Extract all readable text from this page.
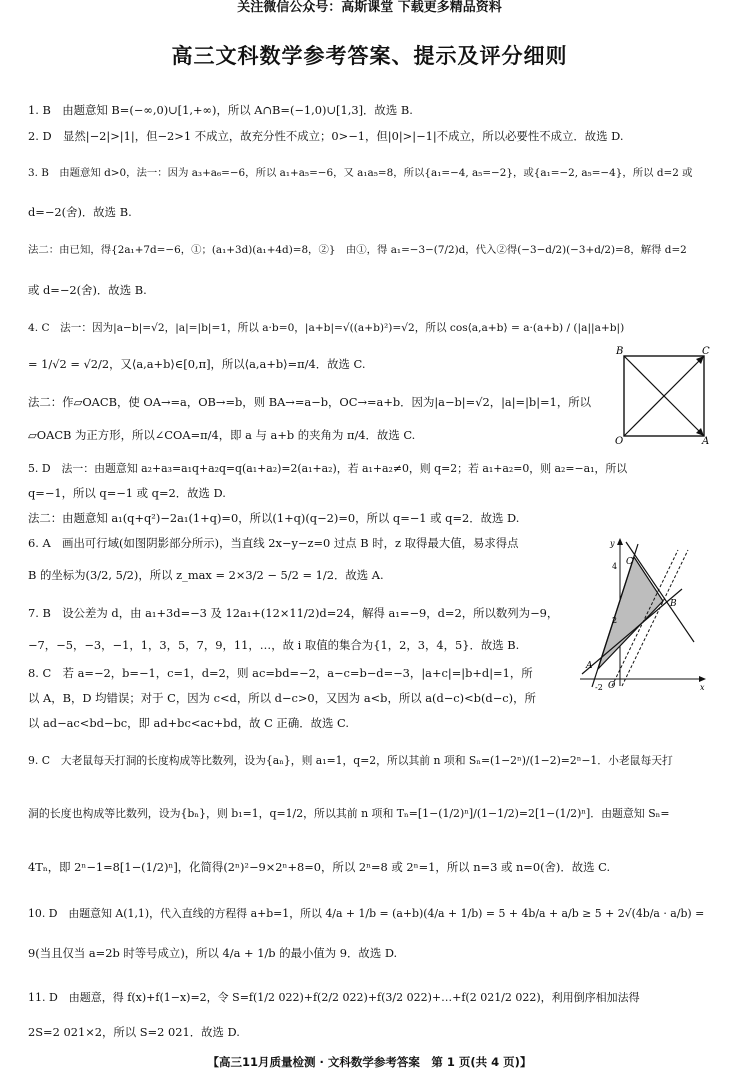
关注微信公众号：高斯课堂 下载更多精品资料
高三文科数学参考答案、提示及评分细则
1. B　由题意知 B=(−∞,0)∪[1,+∞)，所以 A∩B=(−1,0)∪[1,3]．故选 B.
2. D　显然|−2|>|1|，但−2>1 不成立，故充分性不成立；0>−1，但|0|>|−1|不成立，所以必要性不成立．故选 D.
3. B　由题意知 d>0，法一：因为 a₃+a₆=−6，所以 a₁+a₅=−6，又 a₁a₅=8，所以{a₁=−4, a₅=−2}，或{a₁=−2, a₅=−4}，所以 d=2 或
d=−2(舍)．故选 B.
法二：由已知，得{2a₁+7d=−6，①；(a₁+3d)(a₁+4d)=8，②}　由①，得 a₁=−3−(7/2)d，代入②得(−3−d/2)(−3+d/2)=8，解得 d=2
或 d=−2(舍)．故选 B.
4. C　法一：因为|a−b|=√2，|a|=|b|=1，所以 a·b=0，|a+b|=√((a+b)²)=√2，所以 cos⟨a,a+b⟩ = a·(a+b) / (|a||a+b|)
= 1/√2 = √2/2，又⟨a,a+b⟩∈[0,π]，所以⟨a,a+b⟩=π/4．故选 C.
法二：作▱OACB，使 OA→=a，OB→=b，则 BA→=a−b，OC→=a+b．因为|a−b|=√2，|a|=|b|=1，所以
▱OACB 为正方形，所以∠COA=π/4，即 a 与 a+b 的夹角为 π/4．故选 C.
5. D　法一：由题意知 a₂+a₃=a₁q+a₂q=q(a₁+a₂)=2(a₁+a₂)，若 a₁+a₂≠0，则 q=2；若 a₁+a₂=0，则 a₂=−a₁，所以
q=−1，所以 q=−1 或 q=2．故选 D.
法二：由题意知 a₁(q+q²)−2a₁(1+q)=0，所以(1+q)(q−2)=0，所以 q=−1 或 q=2．故选 D.
6. A　画出可行域(如图阴影部分所示)，当直线 2x−y−z=0 过点 B 时，z 取得最大值，易求得点
B 的坐标为(3/2, 5/2)，所以 z_max = 2×3/2 − 5/2 = 1/2．故选 A.
7. B　设公差为 d，由 a₁+3d=−3 及 12a₁+(12×11/2)d=24，解得 a₁=−9，d=2，所以数列为−9，
−7，−5，−3，−1，1，3，5，7，9，11，…，故 i 取值的集合为{1，2，3，4，5}．故选 B.
8. C　若 a=−2，b=−1，c=1，d=2，则 ac=bd=−2，a−c=b−d=−3，|a+c|=|b+d|=1，所
以 A，B，D 均错误；对于 C，因为 c<d，所以 d−c>0，又因为 a<b，所以 a(d−c)<b(d−c)，所
以 ad−ac<bd−bc，即 ad+bc<ac+bd，故 C 正确．故选 C.
9. C　大老鼠每天打洞的长度构成等比数列，设为{aₙ}，则 a₁=1，q=2，所以其前 n 项和 Sₙ=(1−2ⁿ)/(1−2)=2ⁿ−1．小老鼠每天打
洞的长度也构成等比数列，设为{bₙ}，则 b₁=1，q=1/2，所以其前 n 项和 Tₙ=[1−(1/2)ⁿ]/(1−1/2)=2[1−(1/2)ⁿ]．由题意知 Sₙ=
4Tₙ，即 2ⁿ−1=8[1−(1/2)ⁿ]，化简得(2ⁿ)²−9×2ⁿ+8=0，所以 2ⁿ=8 或 2ⁿ=1，所以 n=3 或 n=0(舍)．故选 C.
10. D　由题意知 A(1,1)，代入直线的方程得 a+b=1，所以 4/a + 1/b = (a+b)(4/a + 1/b) = 5 + 4b/a + a/b ≥ 5 + 2√(4b/a · a/b) =
9(当且仅当 a=2b 时等号成立)，所以 4/a + 1/b 的最小值为 9．故选 D.
11. D　由题意，得 f(x)+f(1−x)=2，令 S=f(1/2 022)+f(2/2 022)+f(3/2 022)+…+f(2 021/2 022)，利用倒序相加法得
2S=2 021×2，所以 S=2 021．故选 D.
B	C
O	A
y
x
4
2
-2
C
B
A
O
【高三11月质量检测 · 文科数学参考答案　第 1 页(共 4 页)】
